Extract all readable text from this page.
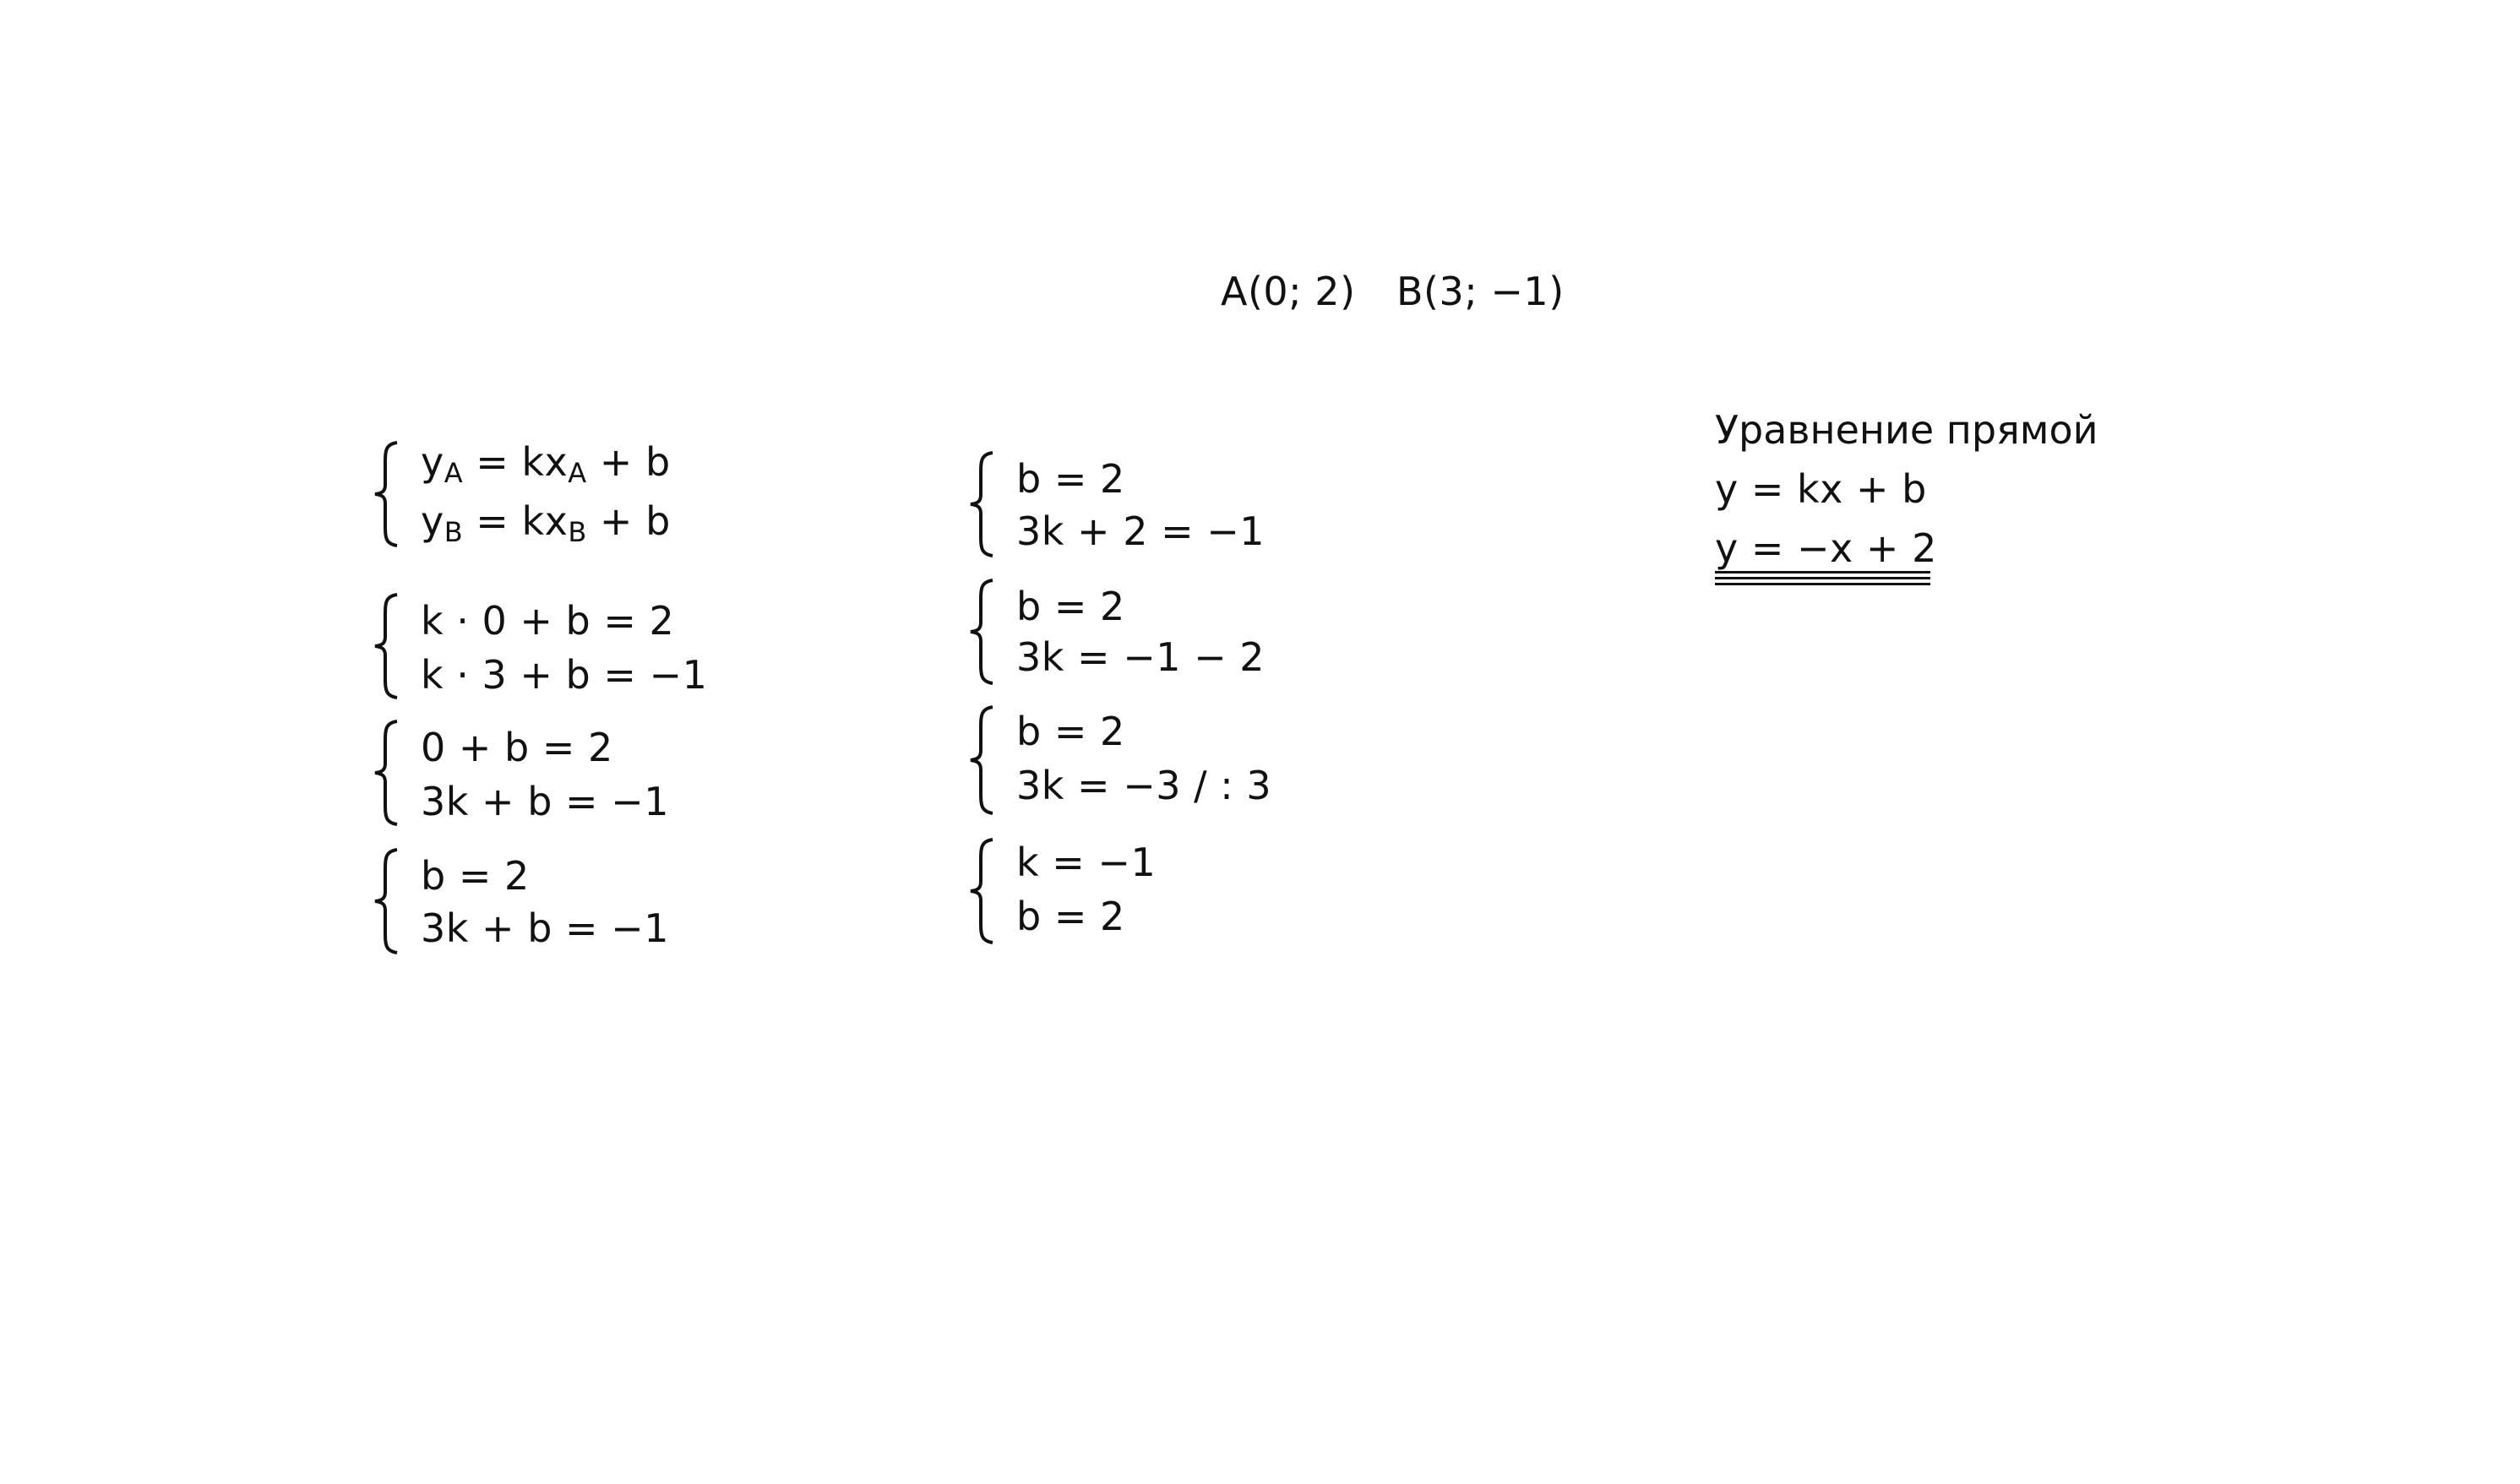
A(0; 2) B(3; −1)
$y_A = kx_A + b$
$y_B = kx_B + b$
k · 0 + b = 2
k · 3 + b = −1
0 + b = 2
3k + b = −1
b = 2
3k + b = −1
b = 2
3k + 2 = −1
b = 2
3k = −1 − 2
b = 2
3k = −3 / : 3
k = −1
b = 2
Уравнение прямой
y = kx + b
y = −x + 2
